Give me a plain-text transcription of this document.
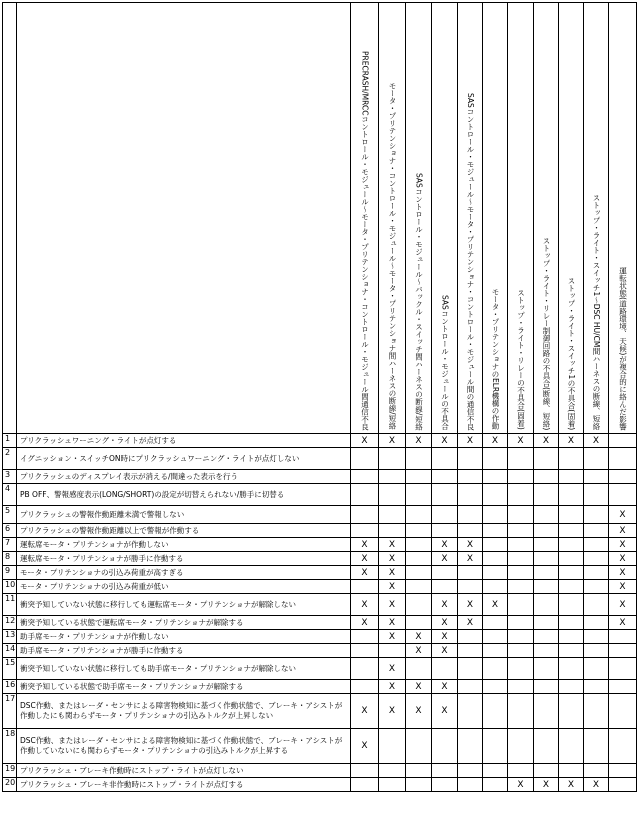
		PRECRASH/MRCCコントロール・モジュール〜モータ・プリテンショナ・コントロール・モジュール間通信不良	モータ・プリテンショナ・コントロール・モジュール〜モータ・プリテンショナ間ハーネスの断線/短絡	SASコントロール・モジュール〜バックル・スイッチ間ハーネスの断線/短絡	SASコントロール・モジュールの不具合	SASコントロール・モジュール〜モータ・プリテンショナ・コントロール・モジュール間の通信不良	モータ・プリテンショナのELR機構の作動	ストップ・ライト・リレーの不具合(固着)	ストップ・ライト・リレー制御回路の不具合(断線、短絡)	ストップ・ライト・スイッチ1の不具合(固着)	ストップ・ライト・スイッチ1〜DSC HU/CM間ハーネスの断線、短絡	運転状態(道路環境、天候)が複合的に絡んだ影響

1	プリクラッシュワーニング・ライトが点灯する	X	X	X	X	X	X	X	X	X	X	
2	イグニッション・スイッチON時にプリクラッシュワーニング・ライトが点灯しない											
3	プリクラッシュのディスプレイ表示が消える/間違った表示を行う											
4	PB OFF、警報感度表示(LONG/SHORT)の設定が切替えられない/勝手に切替る											
5	プリクラッシュの警報作動距離未満で警報しない											X
6	プリクラッシュの警報作動距離以上で警報が作動する											X
7	運転席モータ・プリテンショナが作動しない	X	X		X	X						X
8	運転席モータ・プリテンショナが勝手に作動する	X	X		X	X						X
9	モータ・プリテンショナの引込み荷重が高すぎる	X	X									X
10	モータ・プリテンショナの引込み荷重が低い		X									X
11	衝突予知していない状態に移行しても運転席モータ・プリテンショナが解除しない	X	X		X	X	X					X
12	衝突予知している状態で運転席モータ・プリテンショナが解除する	X	X		X	X						X
13	助手席モータ・プリテンショナが作動しない		X	X	X							
14	助手席モータ・プリテンショナが勝手に作動する			X	X							
15	衝突予知していない状態に移行しても助手席モータ・プリテンショナが解除しない		X									
16	衝突予知している状態で助手席モータ・プリテンショナが解除する		X	X	X							
17	DSC作動、またはレーダ・センサによる障害物検知に基づく作動状態で、ブレーキ・アシストが作動したにも関わらずモータ・プリテンショナの引込みトルクが上昇しない	X	X	X	X							
18	DSC作動、またはレーダ・センサによる障害物検知に基づく作動状態で、ブレーキ・アシストが作動していないにも関わらずモータ・プリテンショナの引込みトルクが上昇する	X										
19	プリクラッシュ・ブレーキ作動時にストップ・ライトが点灯しない											
20	プリクラッシュ・ブレーキ非作動時にストップ・ライトが点灯する							X	X	X	X	
